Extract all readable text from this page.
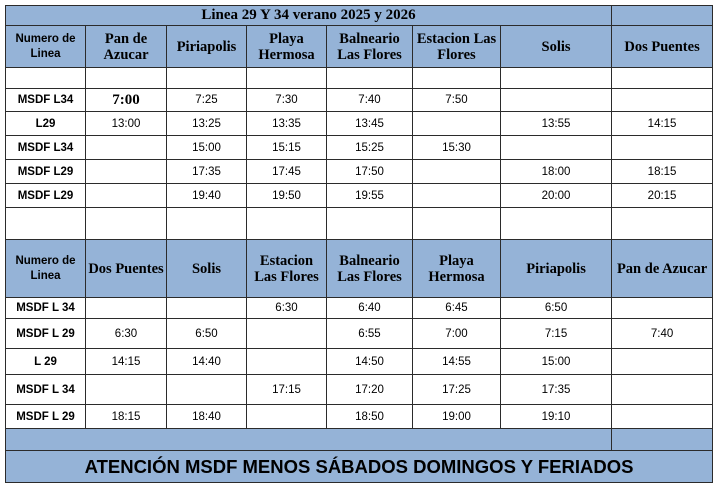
Linea 29 Y 34 verano 2025 y 2026							
Numero de Linea	Pan de Azucar	Piriapolis	Playa Hermosa	Balneario Las Flores	Estacion Las Flores	Solis	Dos Puentes

MSDF L34	7:00	7:25	7:30	7:40	7:50		
L29	13:00	13:25	13:35	13:45		13:55	14:15
MSDF L34		15:00	15:15	15:25	15:30		
MSDF L29		17:35	17:45	17:50		18:00	18:15
MSDF L29		19:40	19:50	19:55		20:00	20:15

Numero de Linea	Dos Puentes	Solis	Estacion Las Flores	Balneario Las Flores	Playa Hermosa	Piriapolis	Pan de Azucar
MSDF L 34			6:30	6:40	6:45	6:50	
MSDF L 29	6:30	6:50		6:55	7:00	7:15	7:40
L 29	14:15	14:40		14:50	14:55	15:00	
MSDF L 34			17:15	17:20	17:25	17:35	
MSDF L 29	18:15	18:40		18:50	19:00	19:10	

ATENCIÓN MSDF MENOS SÁBADOS DOMINGOS Y FERIADOS							
